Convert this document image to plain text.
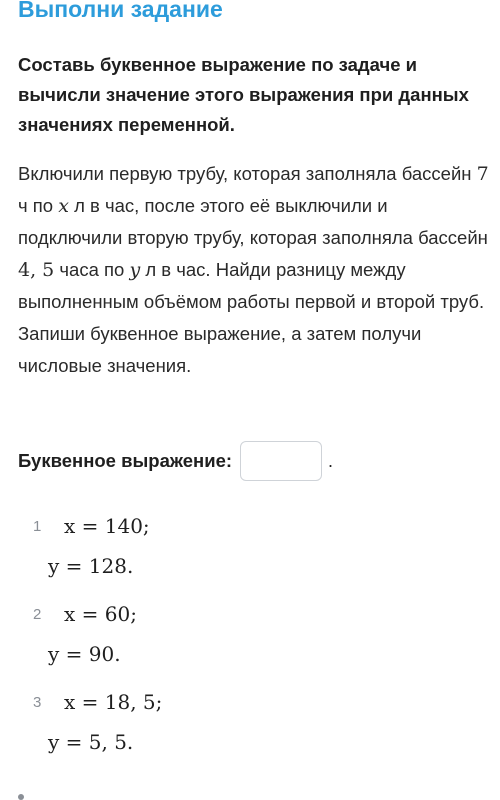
Выполни задание
Составь буквенное выражение по задаче и вычисли значение этого выражения при данных значениях переменной.
Включили первую трубу, которая заполняла бассейн 7 ч по x л в час, после этого её выключили и подключили вторую трубу, которая заполняла бассейн 4, 5 часа по y л в час. Найди разницу между выполненным объёмом работы первой и второй труб. Запиши буквенное выражение, а затем получи числовые значения.
Буквенное выражение:	.
1 x = 140;
y = 128.
2 x = 60;
y = 90.
3 x = 18, 5;
y = 5, 5.
